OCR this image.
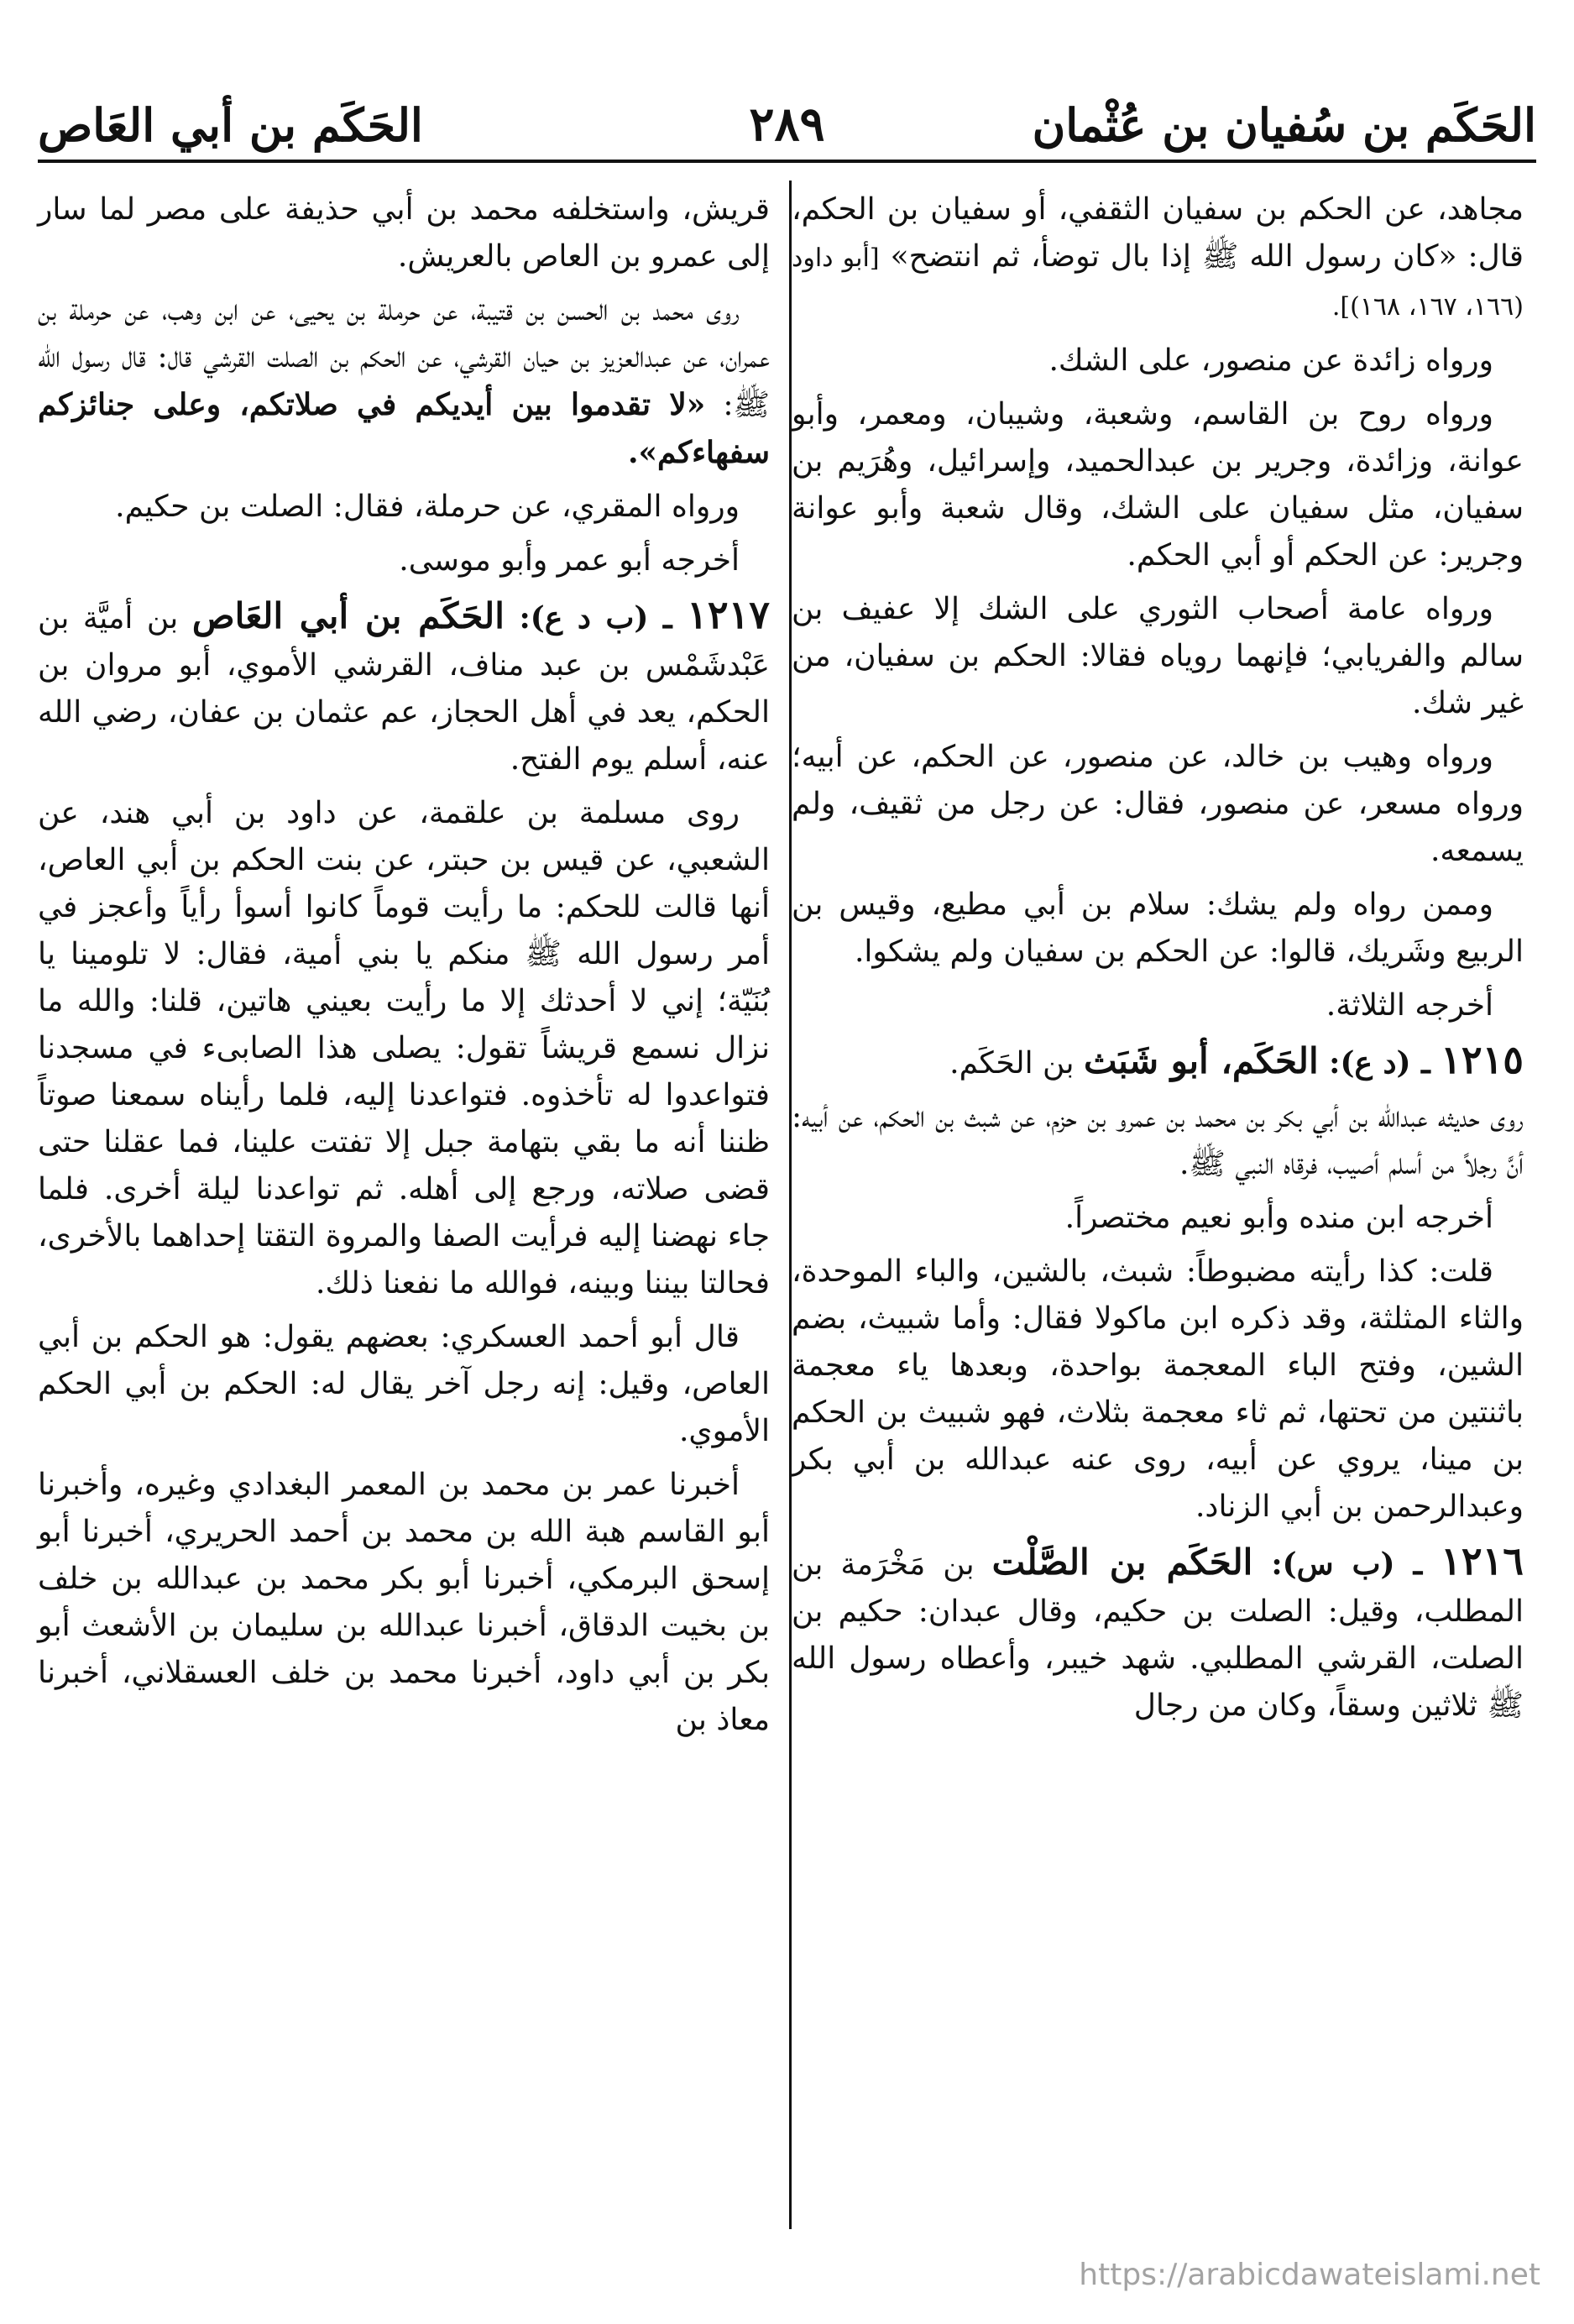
الحَكَم بن سُفيان بن عُثْمان
٢٨٩
الحَكَم بن أبي العَاص

مجاهد، عن الحكم بن سفيان الثقفي، أو سفيان بن الحكم، قال: «كان رسول الله ﷺ إذا بال توضأ، ثم انتضح» [أبو داود (١٦٦، ١٦٧، ١٦٨)].

ورواه زائدة عن منصور، على الشك.

ورواه روح بن القاسم، وشعبة، وشيبان، ومعمر، وأبو عوانة، وزائدة، وجرير بن عبدالحميد، وإسرائيل، وهُرَيم بن سفيان، مثل سفيان على الشك، وقال شعبة وأبو عوانة وجرير: عن الحكم أو أبي الحكم.

ورواه عامة أصحاب الثوري على الشك إلا عفيف بن سالم والفريابي؛ فإنهما روياه فقالا: الحكم بن سفيان، من غير شك.

ورواه وهيب بن خالد، عن منصور، عن الحكم، عن أبيه؛ ورواه مسعر، عن منصور، فقال: عن رجل من ثقيف، ولم يسمعه.

وممن رواه ولم يشك: سلام بن أبي مطيع، وقيس بن الربيع وشَريك، قالوا: عن الحكم بن سفيان ولم يشكوا.

أخرجه الثلاثة.

١٢١٥ ـ (د ع): الحَكَم، أبو شَبَث بن الحَكَم.

روى حديثه عبدالله بن أبي بكر بن محمد بن عمرو بن حزم، عن شبث بن الحكم، عن أبيه: أنَّ رجلاً من أسلم أصيب، فرقاه النبي ﷺ.

أخرجه ابن منده وأبو نعيم مختصراً.

قلت: كذا رأيته مضبوطاً: شبث، بالشين، والباء الموحدة، والثاء المثلثة، وقد ذكره ابن ماكولا فقال: وأما شبيث، بضم الشين، وفتح الباء المعجمة بواحدة، وبعدها ياء معجمة باثنتين من تحتها، ثم ثاء معجمة بثلاث، فهو شبيث بن الحكم بن مينا، يروي عن أبيه، روى عنه عبدالله بن أبي بكر وعبدالرحمن بن أبي الزناد.

١٢١٦ ـ (ب س): الحَكَم بن الصَّلْت بن مَخْرَمة بن المطلب، وقيل: الصلت بن حكيم، وقال عبدان: حكيم بن الصلت، القرشي المطلبي. شهد خيبر، وأعطاه رسول الله ﷺ ثلاثين وسقاً، وكان من رجال

قريش، واستخلفه محمد بن أبي حذيفة على مصر لما سار إلى عمرو بن العاص بالعريش.

روى محمد بن الحسن بن قتيبة، عن حرملة بن يحيى، عن ابن وهب، عن حرملة بن عمران، عن عبدالعزيز بن حيان القرشي، عن الحكم بن الصلت القرشي قال: قال رسول الله ﷺ: «لا تقدموا بين أيديكم في صلاتكم، وعلى جنائزكم سفهاءكم».

ورواه المقري، عن حرملة، فقال: الصلت بن حكيم.

أخرجه أبو عمر وأبو موسى.

١٢١٧ ـ (ب د ع): الحَكَم بن أبي العَاص بن أميَّة بن عَبْدشَمْس بن عبد مناف، القرشي الأموي، أبو مروان بن الحكم، يعد في أهل الحجاز، عم عثمان بن عفان، رضي الله عنه، أسلم يوم الفتح.

روى مسلمة بن علقمة، عن داود بن أبي هند، عن الشعبي، عن قيس بن حبتر، عن بنت الحكم بن أبي العاص، أنها قالت للحكم: ما رأيت قوماً كانوا أسوأ رأياً وأعجز في أمر رسول الله ﷺ منكم يا بني أمية، فقال: لا تلومينا يا بُنَيّة؛ إني لا أحدثك إلا ما رأيت بعيني هاتين، قلنا: والله ما نزال نسمع قريشاً تقول: يصلى هذا الصابىء في مسجدنا فتواعدوا له تأخذوه. فتواعدنا إليه، فلما رأيناه سمعنا صوتاً ظننا أنه ما بقي بتهامة جبل إلا تفتت علينا، فما عقلنا حتى قضى صلاته، ورجع إلى أهله. ثم تواعدنا ليلة أخرى. فلما جاء نهضنا إليه فرأيت الصفا والمروة التقتا إحداهما بالأخرى، فحالتا بيننا وبينه، فوالله ما نفعنا ذلك.

قال أبو أحمد العسكري: بعضهم يقول: هو الحكم بن أبي العاص، وقيل: إنه رجل آخر يقال له: الحكم بن أبي الحكم الأموي.

أخبرنا عمر بن محمد بن المعمر البغدادي وغيره، وأخبرنا أبو القاسم هبة الله بن محمد بن أحمد الحريري، أخبرنا أبو إسحق البرمكي، أخبرنا أبو بكر محمد بن عبدالله بن خلف بن بخيت الدقاق، أخبرنا عبدالله بن سليمان بن الأشعث أبو بكر بن أبي داود، أخبرنا محمد بن خلف العسقلاني، أخبرنا معاذ بن

https://arabicdawateislami.net
